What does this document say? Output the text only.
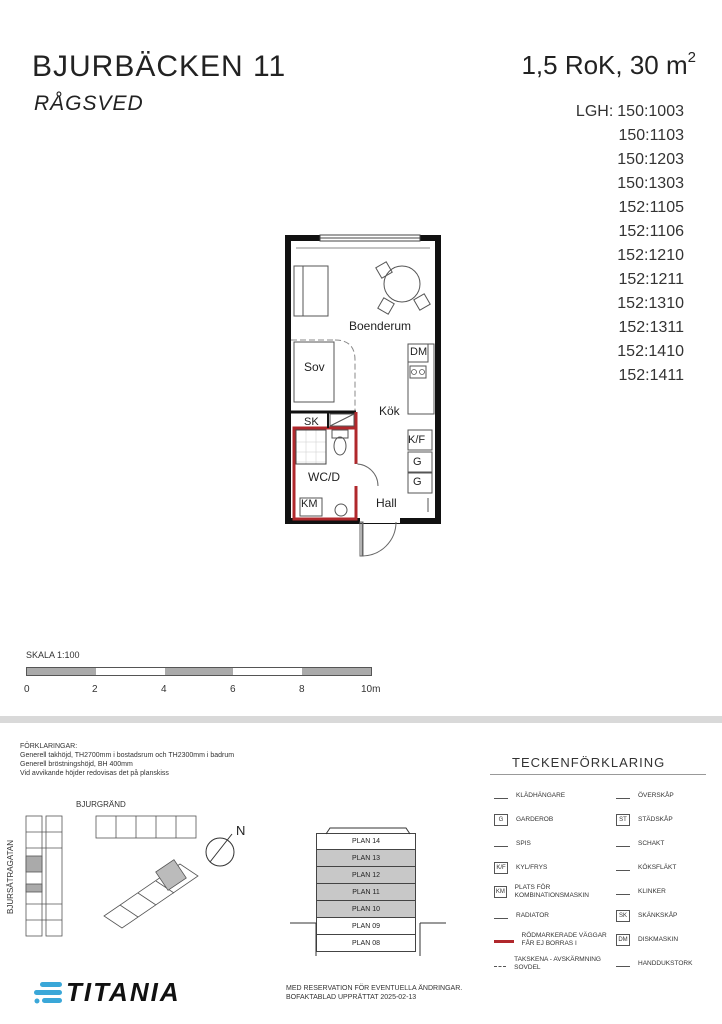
BJURBÄCKEN 11
RÅGSVED
1,5 RoK, 30 $m^2$
LGH: 150:1003
150:1103
150:1203
150:1303
152:1105
152:1106
152:1210
152:1211
152:1310
152:1311
152:1410
152:1411
Boenderum
Sov
Kök
SK
WC/D
KM	Hall
DM
K/F
G
G
SKALA 1:100
0	2	4	6	8	10m
FÖRKLARINGAR:
Generell takhöjd, TH2700mm i bostadsrum och TH2300mm i badrum
Generell bröstningshöjd, BH 400mm
Vid avvikande höjder redovisas det på planskiss
BJURGRÄND
BJURSÄTRAGATAN
N
PLAN 14
PLAN 13
PLAN 12
PLAN 11
PLAN 10
PLAN 09
PLAN 08
TECKENFÖRKLARING
KLÄDHÄNGARE
G	GARDEROB
SPIS
K/F	KYL/FRYS
KM
PLATS FÖR KOMBINATIONSMASKIN
RADIATOR
RÖDMARKERADE VÄGGAR FÅR EJ BORRAS I
TAKSKENA - AVSKÄRMNING SOVDEL
ÖVERSKÅP
ST	STÄDSKÅP
SCHAKT
KÖKSFLÄKT
KLINKER
SK	SKÄNKSKÅP
DM	DISKMASKIN
HANDDUKSTORK
MED RESERVATION FÖR EVENTUELLA ÄNDRINGAR.
BOFAKTABLAD UPPRÄTTAT 2025-02-13
TITANIA
